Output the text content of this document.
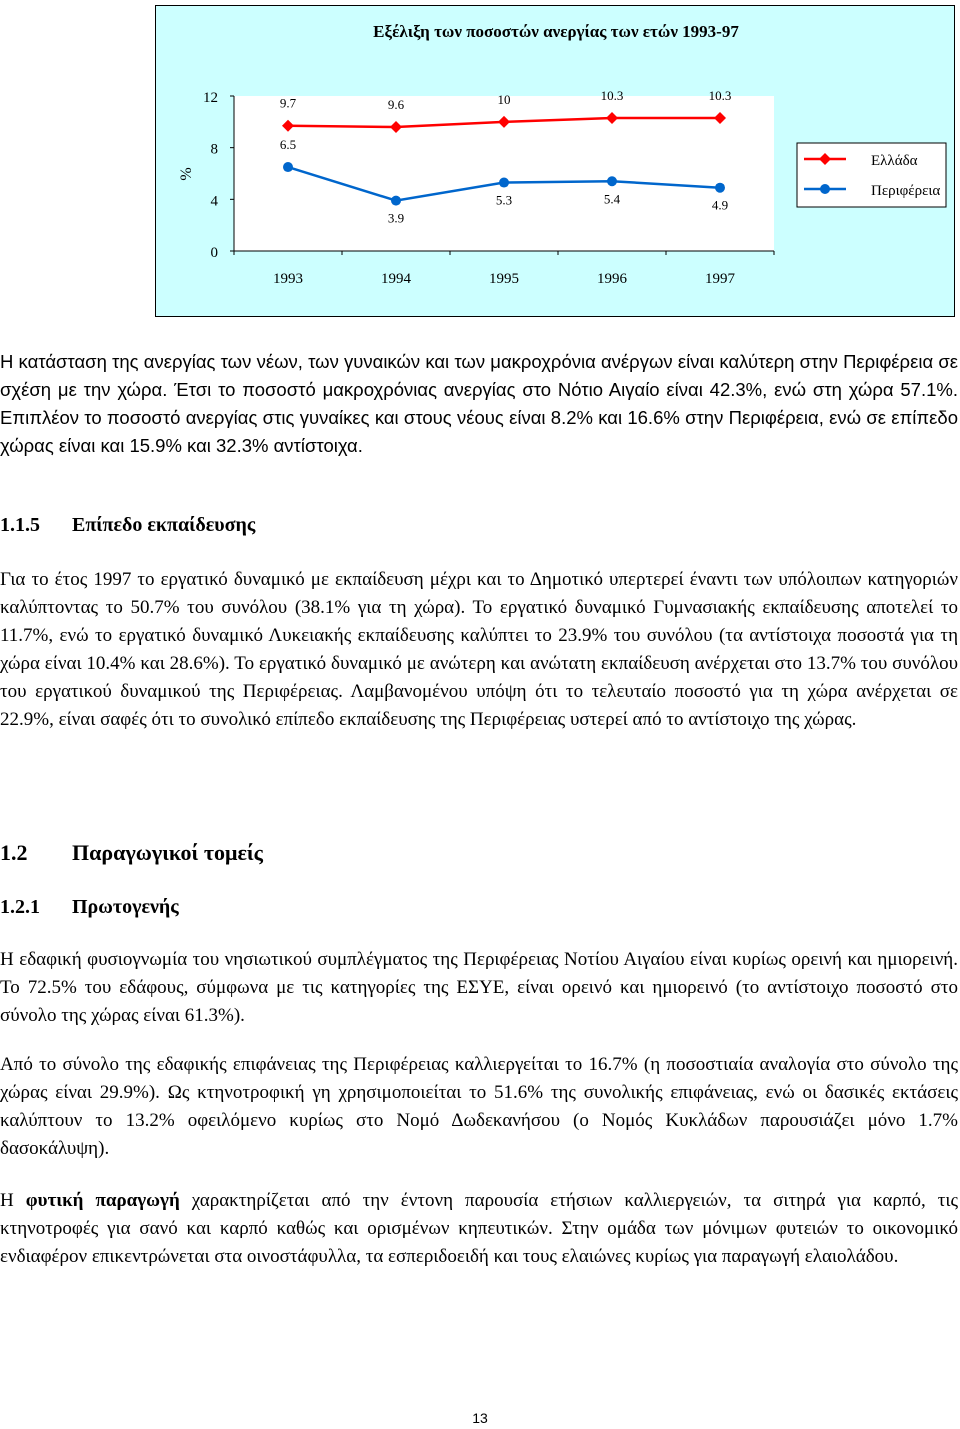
Εξέλιξη των ποσοστών ανεργίας των ετών 1993-97
%
0
4
8
12
1993	1994	1995	1996	1997
9.7	9.6	10	10.3	10.3
6.5
3.9
5.3	5.4	4.9
Ελλάδα
Περιφέρεια

Η κατάσταση της ανεργίας των νέων, των γυναικών και των μακροχρόνια ανέργων είναι καλύτερη στην Περιφέρεια σε σχέση με την χώρα. Έτσι το ποσοστό μακροχρόνιας ανεργίας στο Νότιο Αιγαίο είναι 42.3%, ενώ στη χώρα 57.1%. Επιπλέον το ποσοστό ανεργίας στις γυναίκες και στους νέους είναι 8.2% και 16.6% στην Περιφέρεια, ενώ σε επίπεδο χώρας είναι και 15.9% και 32.3% αντίστοιχα.

1.1.5 Επίπεδο εκπαίδευσης

Για το έτος 1997 το εργατικό δυναμικό με εκπαίδευση μέχρι και το Δημοτικό υπερτερεί έναντι των υπόλοιπων κατηγοριών καλύπτοντας το 50.7% του συνόλου (38.1% για τη χώρα). Το εργατικό δυναμικό Γυμνασιακής εκπαίδευσης αποτελεί το 11.7%, ενώ το εργατικό δυναμικό Λυκειακής εκπαίδευσης καλύπτει το 23.9% του συνόλου (τα αντίστοιχα ποσοστά για τη χώρα είναι 10.4% και 28.6%). Το εργατικό δυναμικό με ανώτερη και ανώτατη εκπαίδευση ανέρχεται στο 13.7% του συνόλου του εργατικού δυναμικού της Περιφέρειας. Λαμβανομένου υπόψη ότι το τελευταίο ποσοστό για τη χώρα ανέρχεται σε 22.9%, είναι σαφές ότι το συνολικό επίπεδο εκπαίδευσης της Περιφέρειας υστερεί από το αντίστοιχο της χώρας.

1.2 Παραγωγικοί τομείς
1.2.1 Πρωτογενής

Η εδαφική φυσιογνωμία του νησιωτικού συμπλέγματος της Περιφέρειας Νοτίου Αιγαίου είναι κυρίως ορεινή και ημιορεινή. Το 72.5% του εδάφους, σύμφωνα με τις κατηγορίες της ΕΣΥΕ, είναι ορεινό και ημιορεινό (το αντίστοιχο ποσοστό στο σύνολο της χώρας είναι 61.3%).

Από το σύνολο της εδαφικής επιφάνειας της Περιφέρειας καλλιεργείται το 16.7% (η ποσοστιαία αναλογία στο σύνολο της χώρας είναι 29.9%). Ως κτηνοτροφική γη χρησιμοποιείται το 51.6% της συνολικής επιφάνειας, ενώ οι δασικές εκτάσεις καλύπτουν το 13.2% οφειλόμενο κυρίως στο Νομό Δωδεκανήσου (ο Νομός Κυκλάδων παρουσιάζει μόνο 1.7% δασοκάλυψη).

Η φυτική παραγωγή χαρακτηρίζεται από την έντονη παρουσία ετήσιων καλλιεργειών, τα σιτηρά για καρπό, τις κτηνοτροφές για σανό και καρπό καθώς και ορισμένων κηπευτικών. Στην ομάδα των μόνιμων φυτειών το οικονομικό ενδιαφέρον επικεντρώνεται στα οινοστάφυλλα, τα εσπεριδοειδή και τους ελαιώνες κυρίως για παραγωγή ελαιολάδου.

13
